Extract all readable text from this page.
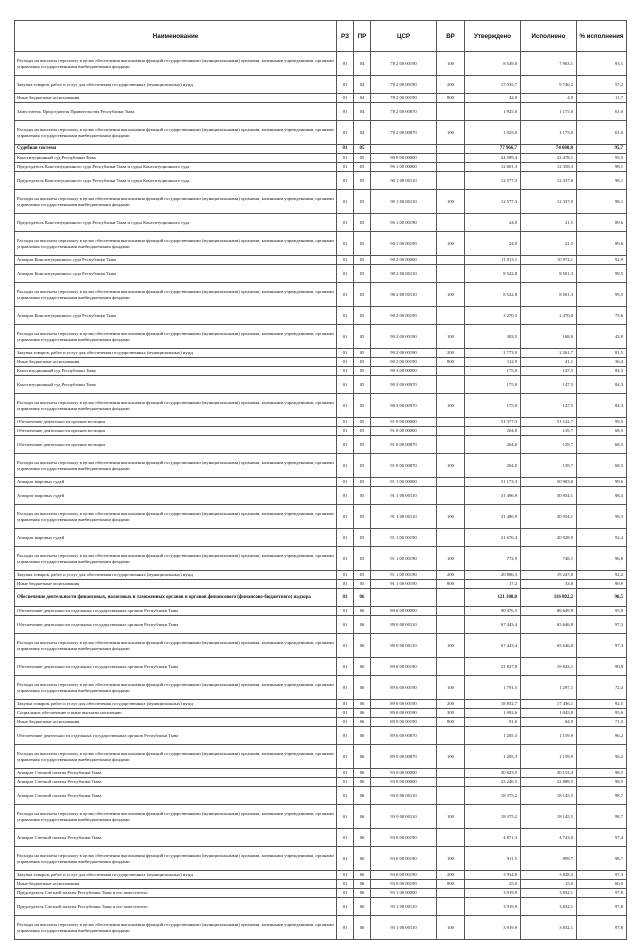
Наименование	РЗ	ПР	ЦСР	ВР	Утверждено	Исполнено	% исполнения
Расходы на выплаты персоналу в целях обеспечения выполнения функций государственными (муниципальными) органами, казенными учреждениями, органами управления государственными внебюджетными фондами	01	04	78 2 00 00190	100	8 549,0	7 963,1	93,1
Закупка товаров, работ и услуг для обеспечения государственных (муниципальных) нужд	01	04	78 2 00 00190	200	17 035,7	9 746,2	57,2
Иные бюджетные ассигнования	01	04	78 2 00 00190	800	42,0	4,9	11,7
Заместитель Председателя Правительства Республики Тыва	01	04	78 2 00 00870		1 925,0	1 175,0	61,0
Расходы на выплаты персоналу в целях обеспечения выполнения функций государственными (муниципальными) органами, казенными учреждениями, органами управления государственными внебюджетными фондами	01	04	78 2 00 00870	100	1 925,0	1 175,0	61,0
Судебная система	01	05			77 966,7	74 600,8	95,7
Конституционный суд Республики Тыва	01	05	90 0 00 00000		24 589,4	23 478,1	95,5
Председатель Конституционного суда Республики Тыва и судьи Конституционного суда	01	05	90 1 00 00000		12 601,3	12 358,3	98,1
Председатель Конституционного суда Республики Тыва и судьи Конституционного суда	01	05	90 1 00 00110		12 577,3	12 337,0	98,1
Расходы на выплаты персоналу в целях обеспечения выполнения функций государственными (муниципальными) органами, казенными учреждениями, органами управления государственными внебюджетными фондами	01	05	90 1 00 00110	100	12 577,3	12 337,0	98,1
Председатель Конституционного суда Республики Тыва и судьи Конституционного суда	01	05	90 1 00 00190		24,0	21,5	89,6
Расходы на выплаты персоналу в целях обеспечения выполнения функций государственными (муниципальными) органами, казенными учреждениями, органами управления государственными внебюджетными фондами	01	05	90 1 00 00190	100	24,0	21,5	89,6
Аппарат Конституционного суда Республики Тыва	01	05	90 2 00 00000		11 813,1	10 972,1	92,9
Аппарат Конституционного суда Республики Тыва	01	05	90 2 00 00110		8 542,8	8 501,3	99,5
Расходы на выплаты персоналу в целях обеспечения выполнения функций государственными (муниципальными) органами, казенными учреждениями, органами управления государственными внебюджетными фондами	01	05	90 2 00 00110	100	8 542,8	8 501,3	99,5
Аппарат Конституционного суда Республики Тыва	01	05	90 2 00 00190		3 270,3	2 470,8	75,6
Расходы на выплаты персоналу в целях обеспечения выполнения функций государственными (муниципальными) органами, казенными учреждениями, органами управления государственными внебюджетными фондами	01	05	90 2 00 00190	100	383,5	168,0	43,8
Закупка товаров, работ и услуг для обеспечения государственных (муниципальных) нужд	01	05	90 2 00 00190	200	2 773,9	2 261,7	81,5
Иные бюджетные ассигнования	01	05	90 2 00 00190	800	112,9	41,1	36,4
Конституционный суд Республики Тыва	01	05	90 3 00 00000		175,0	147,5	84,3
Конституционный суд Республики Тыва	01	05	90 3 00 00970		175,0	147,5	84,3
Расходы на выплаты персоналу в целях обеспечения выполнения функций государственными (муниципальными) органами, казенными учреждениями, органами управления государственными внебюджетными фондами	01	05	90 3 00 00970	100	175,0	147,5	84,3
Обеспечение деятельности органов юстиции	01	05	91 0 00 00000		51 377,3	51 122,7	99,5
Обеспечение деятельности органов юстиции	01	05	91 0 00 00000		204,0	139,7	68,5
Обеспечение деятельности органов юстиции	01	05	91 0 00 00870		204,0	139,7	68,5
Расходы на выплаты персоналу в целях обеспечения выполнения функций государственными (муниципальными) органами, казенными учреждениями, органами управления государственными внебюджетными фондами	01	05	91 0 00 00870	100	204,0	139,7	68,5
Аппарат мировых судей	01	05	91 1 00 00000		51 173,3	50 983,0	99,6
Аппарат мировых судей	01	05	91 1 00 00110		31 496,9	30 954,1	98,3
Расходы на выплаты персоналу в целях обеспечения выполнения функций государственными (муниципальными) органами, казенными учреждениями, органами управления государственными внебюджетными фондами	01	05	91 1 00 00110	100	31 496,9	30 954,1	98,3
Аппарат мировых судей	01	05	91 1 00 00190		21 676,4	20 028,9	92,4
Расходы на выплаты персоналу в целях обеспечения выполнения функций государственными (муниципальными) органами, казенными учреждениями, органами управления государственными внебюджетными фондами	01	05	91 1 00 00190	100	772,9	748,1	96,8
Закупка товаров, работ и услуг для обеспечения государственных (муниципальных) нужд	01	05	91 1 00 00190	200	20 886,3	19 247,0	92,2
Иные бюджетные ассигнования	01	05	91 1 00 00190	800	17,2	33,8	90,9
Обеспечение деятельности финансовых, налоговых и таможенных органов и органов финансового (финансово-бюджетного) надзора	01	06			121 100,0	116 802,2	96,5
Обеспечение деятельности отдельных государственных органов Республики Тыва	01	06	89 0 00 00000		90 476,5	86 649,8	95,8
Обеспечение деятельности отдельных государственных органов Республики Тыва	01	06	89 0 00 00110		67 443,4	65 646,8	97,3
Расходы на выплаты персоналу в целях обеспечения выполнения функций государственными (муниципальными) органами, казенными учреждениями, органами управления государственными внебюджетными фондами	01	06	89 0 00 00110	100	67 443,4	65 646,8	97,3
Обеспечение деятельности отдельных государственных органов Республики Тыва	01	06	89 0 00 00190		21 827,8	19 843,1	90,9
Расходы на выплаты персоналу в целях обеспечения выполнения функций государственными (муниципальными) органами, казенными учреждениями, органами управления государственными внебюджетными фондами	01	06	89 0 00 00190	100	1 791,5	1 297,1	72,4
Закупка товаров, работ и услуг для обеспечения государственных (муниципальных) нужд	01	06	89 0 00 00190	200	18 852,7	17 436,1	92,5
Социальное обеспечение и иные выплаты населению	01	06	89 0 00 00190	300	1 092,6	1 045,0	95,6
Иные бюджетные ассигнования	01	06	89 0 00 00190	800	91,0	64,9	71,3
Обеспечение деятельности отдельных государственных органов Республики Тыва	01	06	89 0 00 00870		1 205,3	1 159,9	96,2
Расходы на выплаты персоналу в целях обеспечения выполнения функций государственными (муниципальными) органами, казенными учреждениями, органами управления государственными внебюджетными фондами	01	06	89 0 00 00870	100	1 205,3	1 159,9	96,2
Аппарат Счетной палаты Республики Тыва	01	06	93 0 00 00000		30 623,5	30 152,4	98,5
Аппарат Счетной палаты Республики Тыва	01	06	93 0 00 00000		23 246,5	22 888,5	98,5
Аппарат Счетной палаты Республики Тыва	01	06	93 0 00 00110		18 375,2	18 145,5	98,7
Расходы на выплаты персоналу в целях обеспечения выполнения функций государственными (муниципальными) органами, казенными учреждениями, органами управления государственными внебюджетными фондами	01	06	93 0 00 00110	100	18 375,2	18 145,5	98,7
Аппарат Счетной палаты Республики Тыва	01	06	93 0 00 00190		4 871,3	4 743,0	97,4
Расходы на выплаты персоналу в целях обеспечения выполнения функций государственными (муниципальными) органами, казенными учреждениями, органами управления государственными внебюджетными фондами	01	06	93 0 00 00190	100	911,5	899,7	98,7
Закупка товаров, работ и услуг для обеспечения государственных (муниципальных) нужд	01	06	93 0 00 00190	200	3 934,8	3 828,3	97,3
Иные бюджетные ассигнования	01	06	93 0 00 00190	800	25,0	15,0	60,0
Председатель Счетной палаты Республики Тыва и его заместитель	01	06	93 1 00 00000		3 919,9	3 832,1	97,8
Председатель Счетной палаты Республики Тыва и его заместитель	01	06	93 1 00 00110		3 919,9	3 832,1	97,8
Расходы на выплаты персоналу в целях обеспечения выполнения функций государственными (муниципальными) органами, казенными учреждениями, органами управления государственными внебюджетными фондами	01	06	93 1 00 00110	100	3 919,9	3 832,1	97,8
